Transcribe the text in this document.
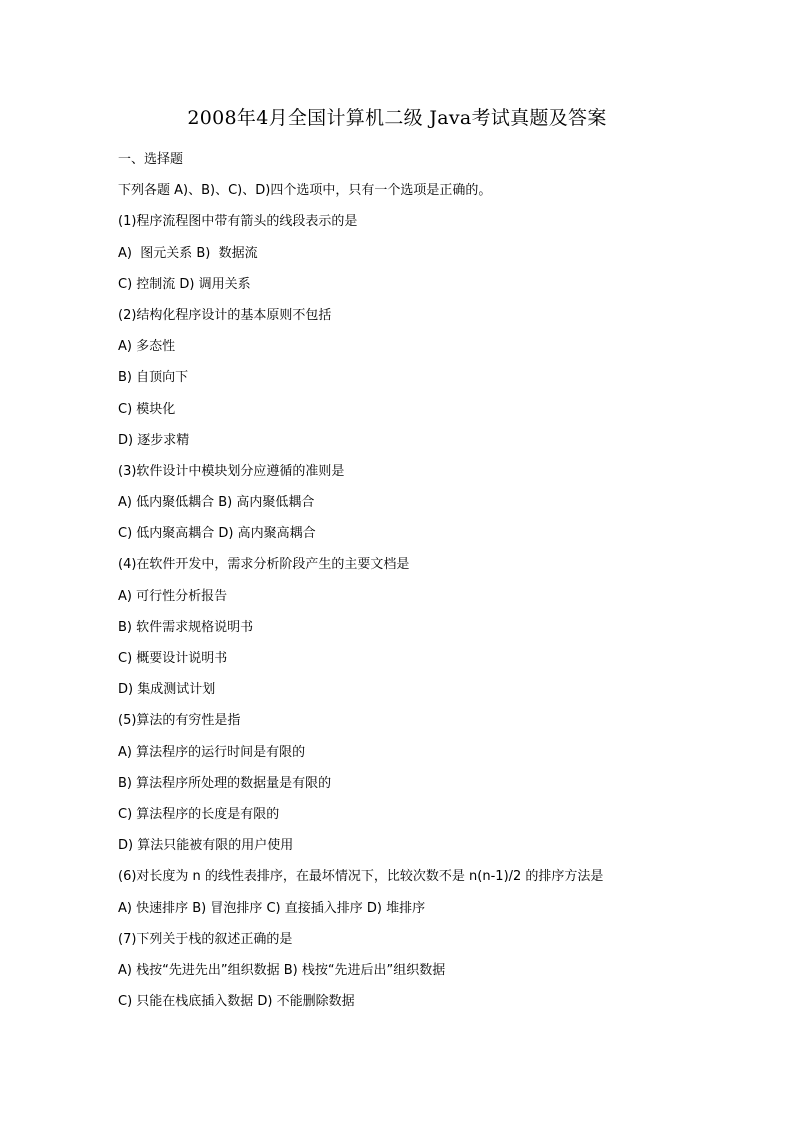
2008年4月全国计算机二级 Java考试真题及答案
一、选择题
下列各题 A)、B)、C)、D)四个选项中，只有一个选项是正确的。
(1)程序流程图中带有箭头的线段表示的是
A)  图元关系 B)  数据流
C) 控制流 D) 调用关系
(2)结构化程序设计的基本原则不包括
A) 多态性
B) 自顶向下
C) 模块化
D) 逐步求精
(3)软件设计中模块划分应遵循的准则是
A) 低内聚低耦合 B) 高内聚低耦合
C) 低内聚高耦合 D) 高内聚高耦合
(4)在软件开发中，需求分析阶段产生的主要文档是
A) 可行性分析报告
B) 软件需求规格说明书
C) 概要设计说明书
D) 集成测试计划
(5)算法的有穷性是指
A) 算法程序的运行时间是有限的
B) 算法程序所处理的数据量是有限的
C) 算法程序的长度是有限的
D) 算法只能被有限的用户使用
(6)对长度为 n 的线性表排序，在最坏情况下，比较次数不是 n(n-1)/2 的排序方法是
A) 快速排序 B) 冒泡排序 C) 直接插入排序 D) 堆排序
(7)下列关于栈的叙述正确的是
A) 栈按“先进先出”组织数据 B) 栈按“先进后出”组织数据
C) 只能在栈底插入数据 D) 不能删除数据
